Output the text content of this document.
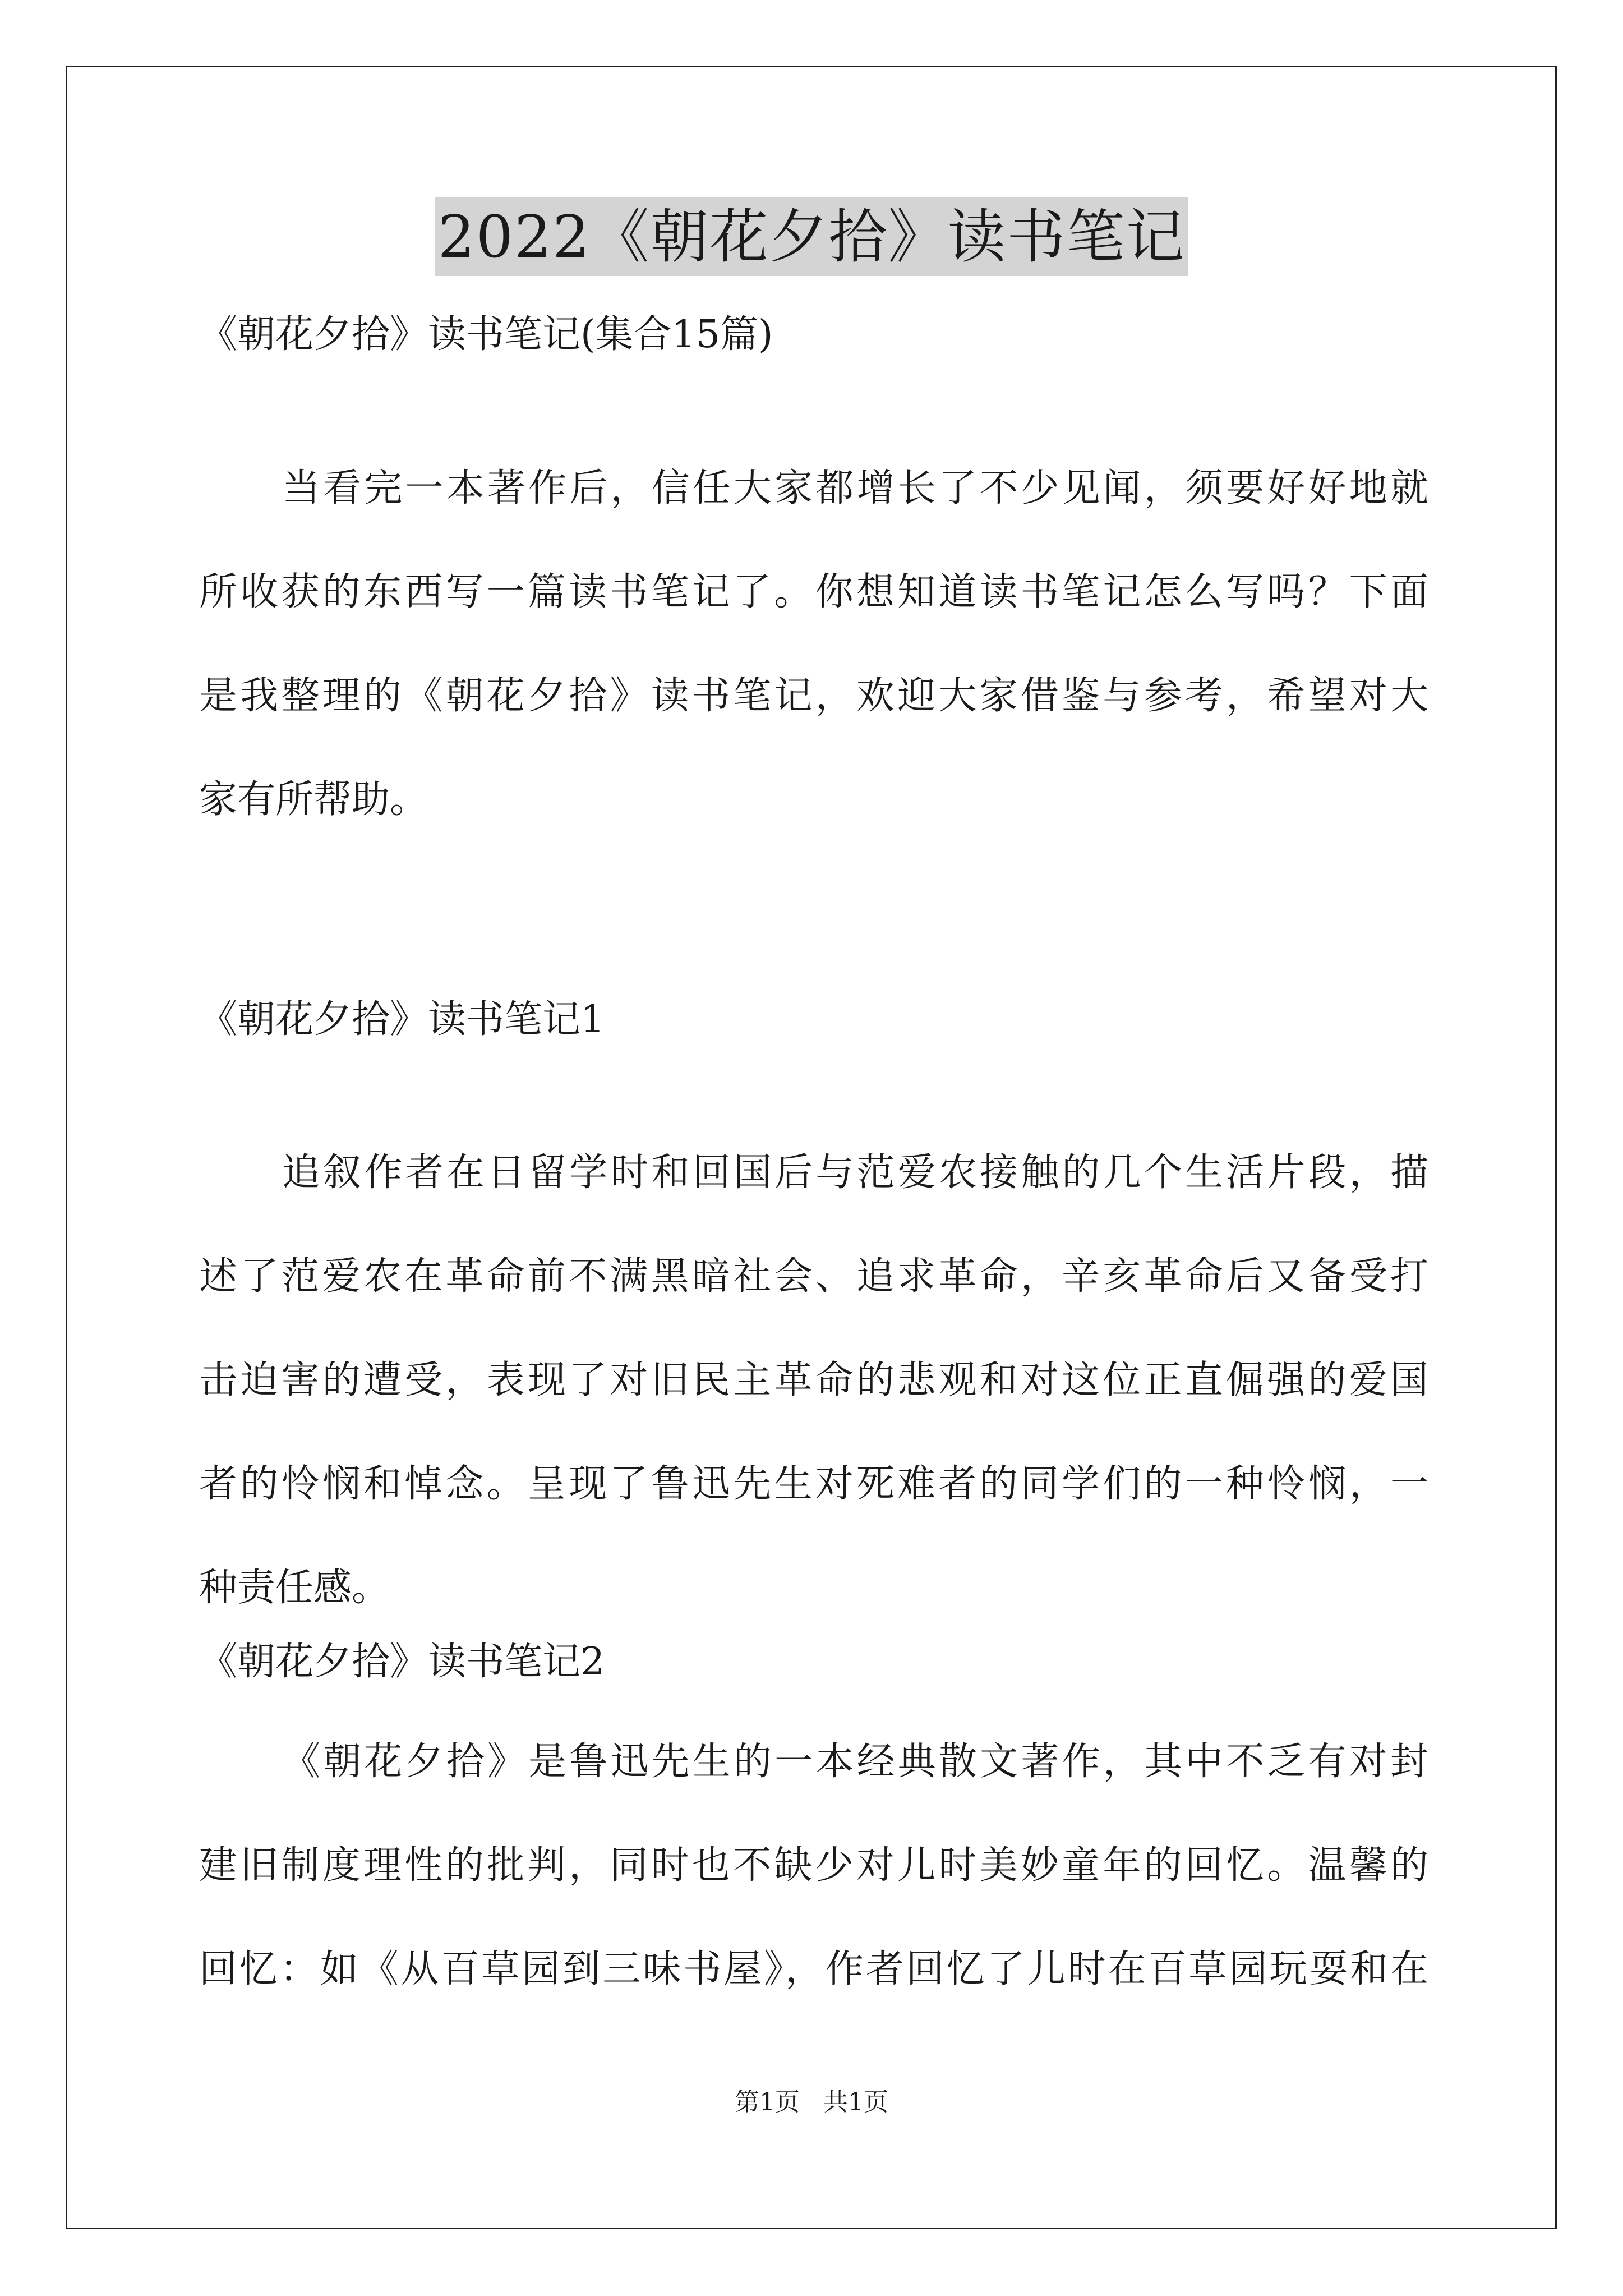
2022《朝花夕拾》读书笔记
《朝花夕拾》读书笔记(集合15篇)
当看完一本著作后，信任大家都增长了不少见闻，须要好好地就
所收获的东西写一篇读书笔记了。你想知道读书笔记怎么写吗？下面
是我整理的《朝花夕拾》读书笔记，欢迎大家借鉴与参考，希望对大
家有所帮助。
《朝花夕拾》读书笔记1
追叙作者在日留学时和回国后与范爱农接触的几个生活片段，描
述了范爱农在革命前不满黑暗社会、追求革命，辛亥革命后又备受打
击迫害的遭受，表现了对旧民主革命的悲观和对这位正直倔强的爱国
者的怜悯和悼念。呈现了鲁迅先生对死难者的同学们的一种怜悯，一
种责任感。
《朝花夕拾》读书笔记2
《朝花夕拾》是鲁迅先生的一本经典散文著作，其中不乏有对封
建旧制度理性的批判，同时也不缺少对儿时美妙童年的回忆。温馨的
回忆：如《从百草园到三味书屋》，作者回忆了儿时在百草园玩耍和在
第1页   共1页
